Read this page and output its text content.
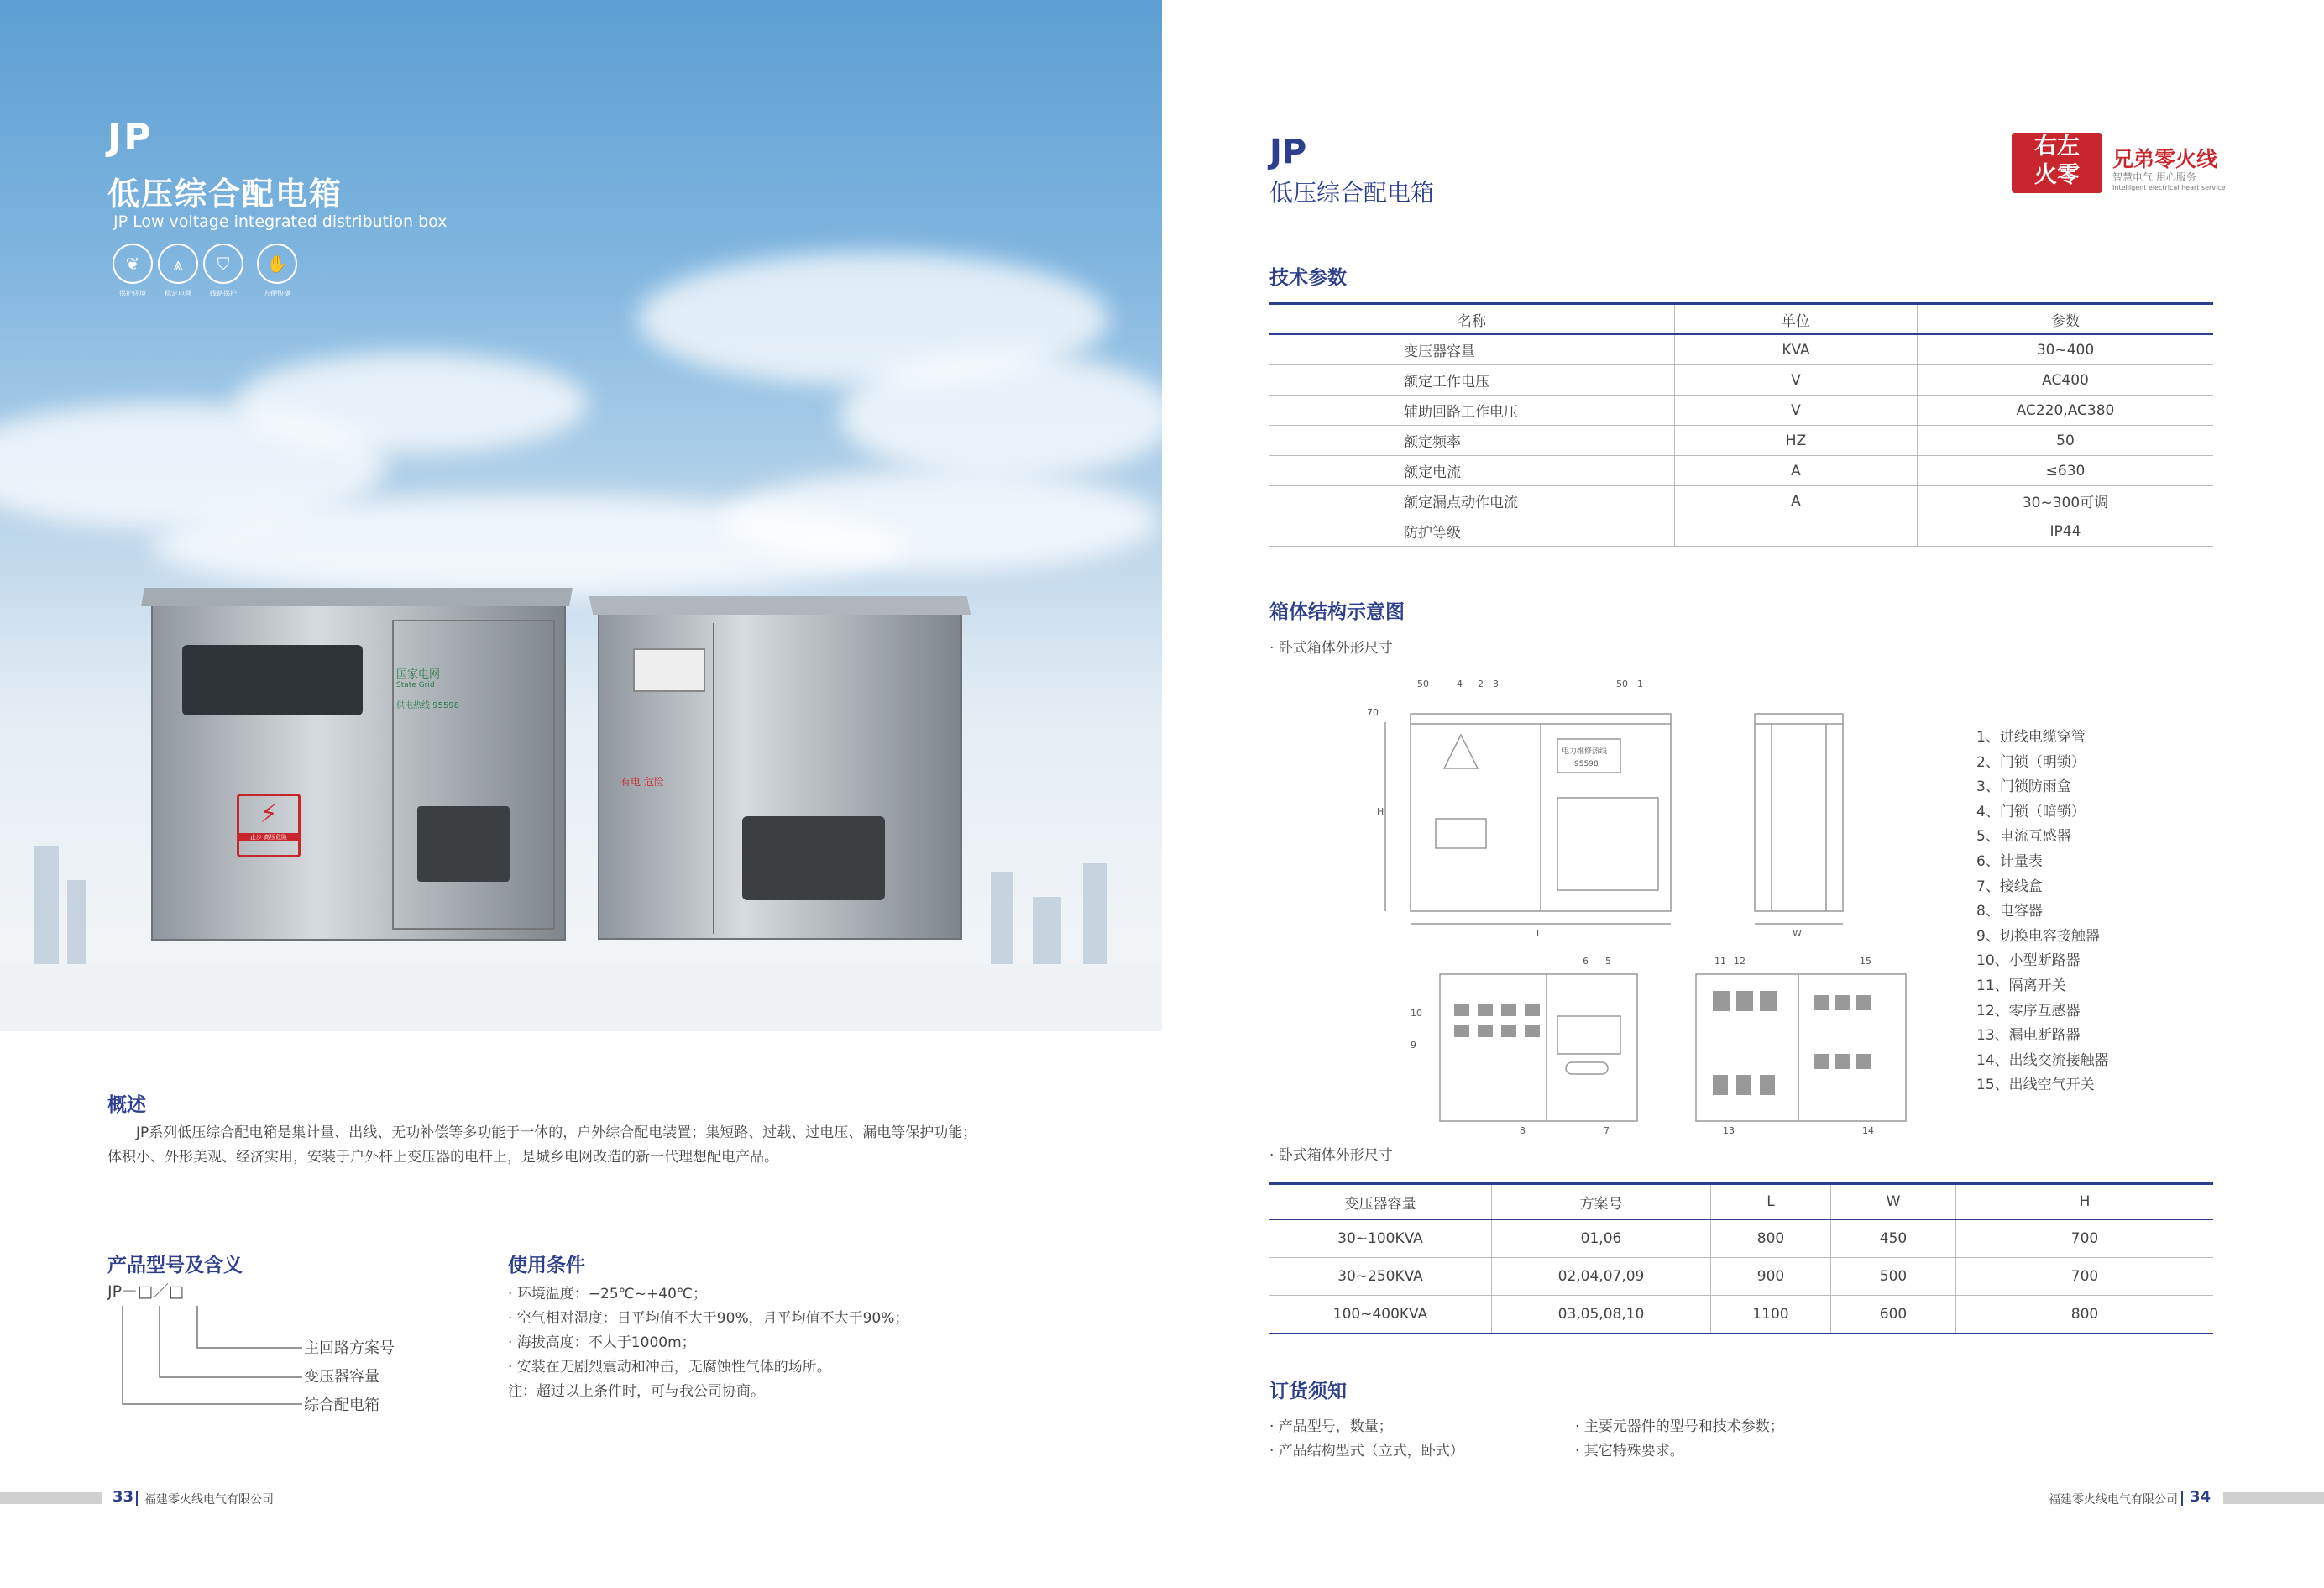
国家电网
State Grid
供电热线 95598
⚡
止步 高压危险
有电 危险
JP
低压综合配电箱
JP Low voltage integrated distribution box
❦
保护环境
⩓
稳定电网
⛉
线路保护
✋
方便快捷
概述
JP系列低压综合配电箱是集计量、出线、无功补偿等多功能于一体的，户外综合配电装置；集短路、过载、过电压、漏电等保护功能；
体积小、外形美观、经济实用，安装于户外杆上变压器的电杆上，是城乡电网改造的新一代理想配电产品。
产品型号及含义
JP－□／□
主回路方案号
变压器容量
综合配电箱
使用条件
· 环境温度：−25℃~+40℃；
· 空气相对湿度：日平均值不大于90%，月平均值不大于90%；
· 海拔高度：不大于1000m；
· 安装在无剧烈震动和冲击，无腐蚀性气体的场所。
注：超过以上条件时，可与我公司协商。
33 福建零火线电气有限公司
JP
低压综合配电箱
右左
火零
兄弟零火线
智慧电气 用心服务
Intelligent electrical heart service
技术参数
名称	单位	参数
变压器容量	KVA	30~400
额定工作电压	V	AC400
辅助回路工作电压	V	AC220,AC380
额定频率	HZ	50
额定电流	A	≤630
额定漏点动作电流	A	30~300可调
防护等级		IP44
箱体结构示意图
· 卧式箱体外形尺寸
50
70
50
H
L	W
电力维修热线
95598
4 2 3	1
10
9
6 5
8	7
11 12	15
13	14
1、进线电缆穿管
2、门锁（明锁）
3、门锁防雨盒
4、门锁（暗锁）
5、电流互感器
6、计量表
7、接线盒
8、电容器
9、切换电容接触器
10、小型断路器
11、隔离开关
12、零序互感器
13、漏电断路器
14、出线交流接触器
15、出线空气开关
· 卧式箱体外形尺寸
变压器容量	方案号	L	W	H
30~100KVA	01,06	800	450	700
30~250KVA	02,04,07,09	900	500	700
100~400KVA	03,05,08,10	1100	600	800
订货须知
· 产品型号，数量；
· 产品结构型式（立式，卧式）
· 主要元器件的型号和技术参数；
· 其它特殊要求。
福建零火线电气有限公司 34
